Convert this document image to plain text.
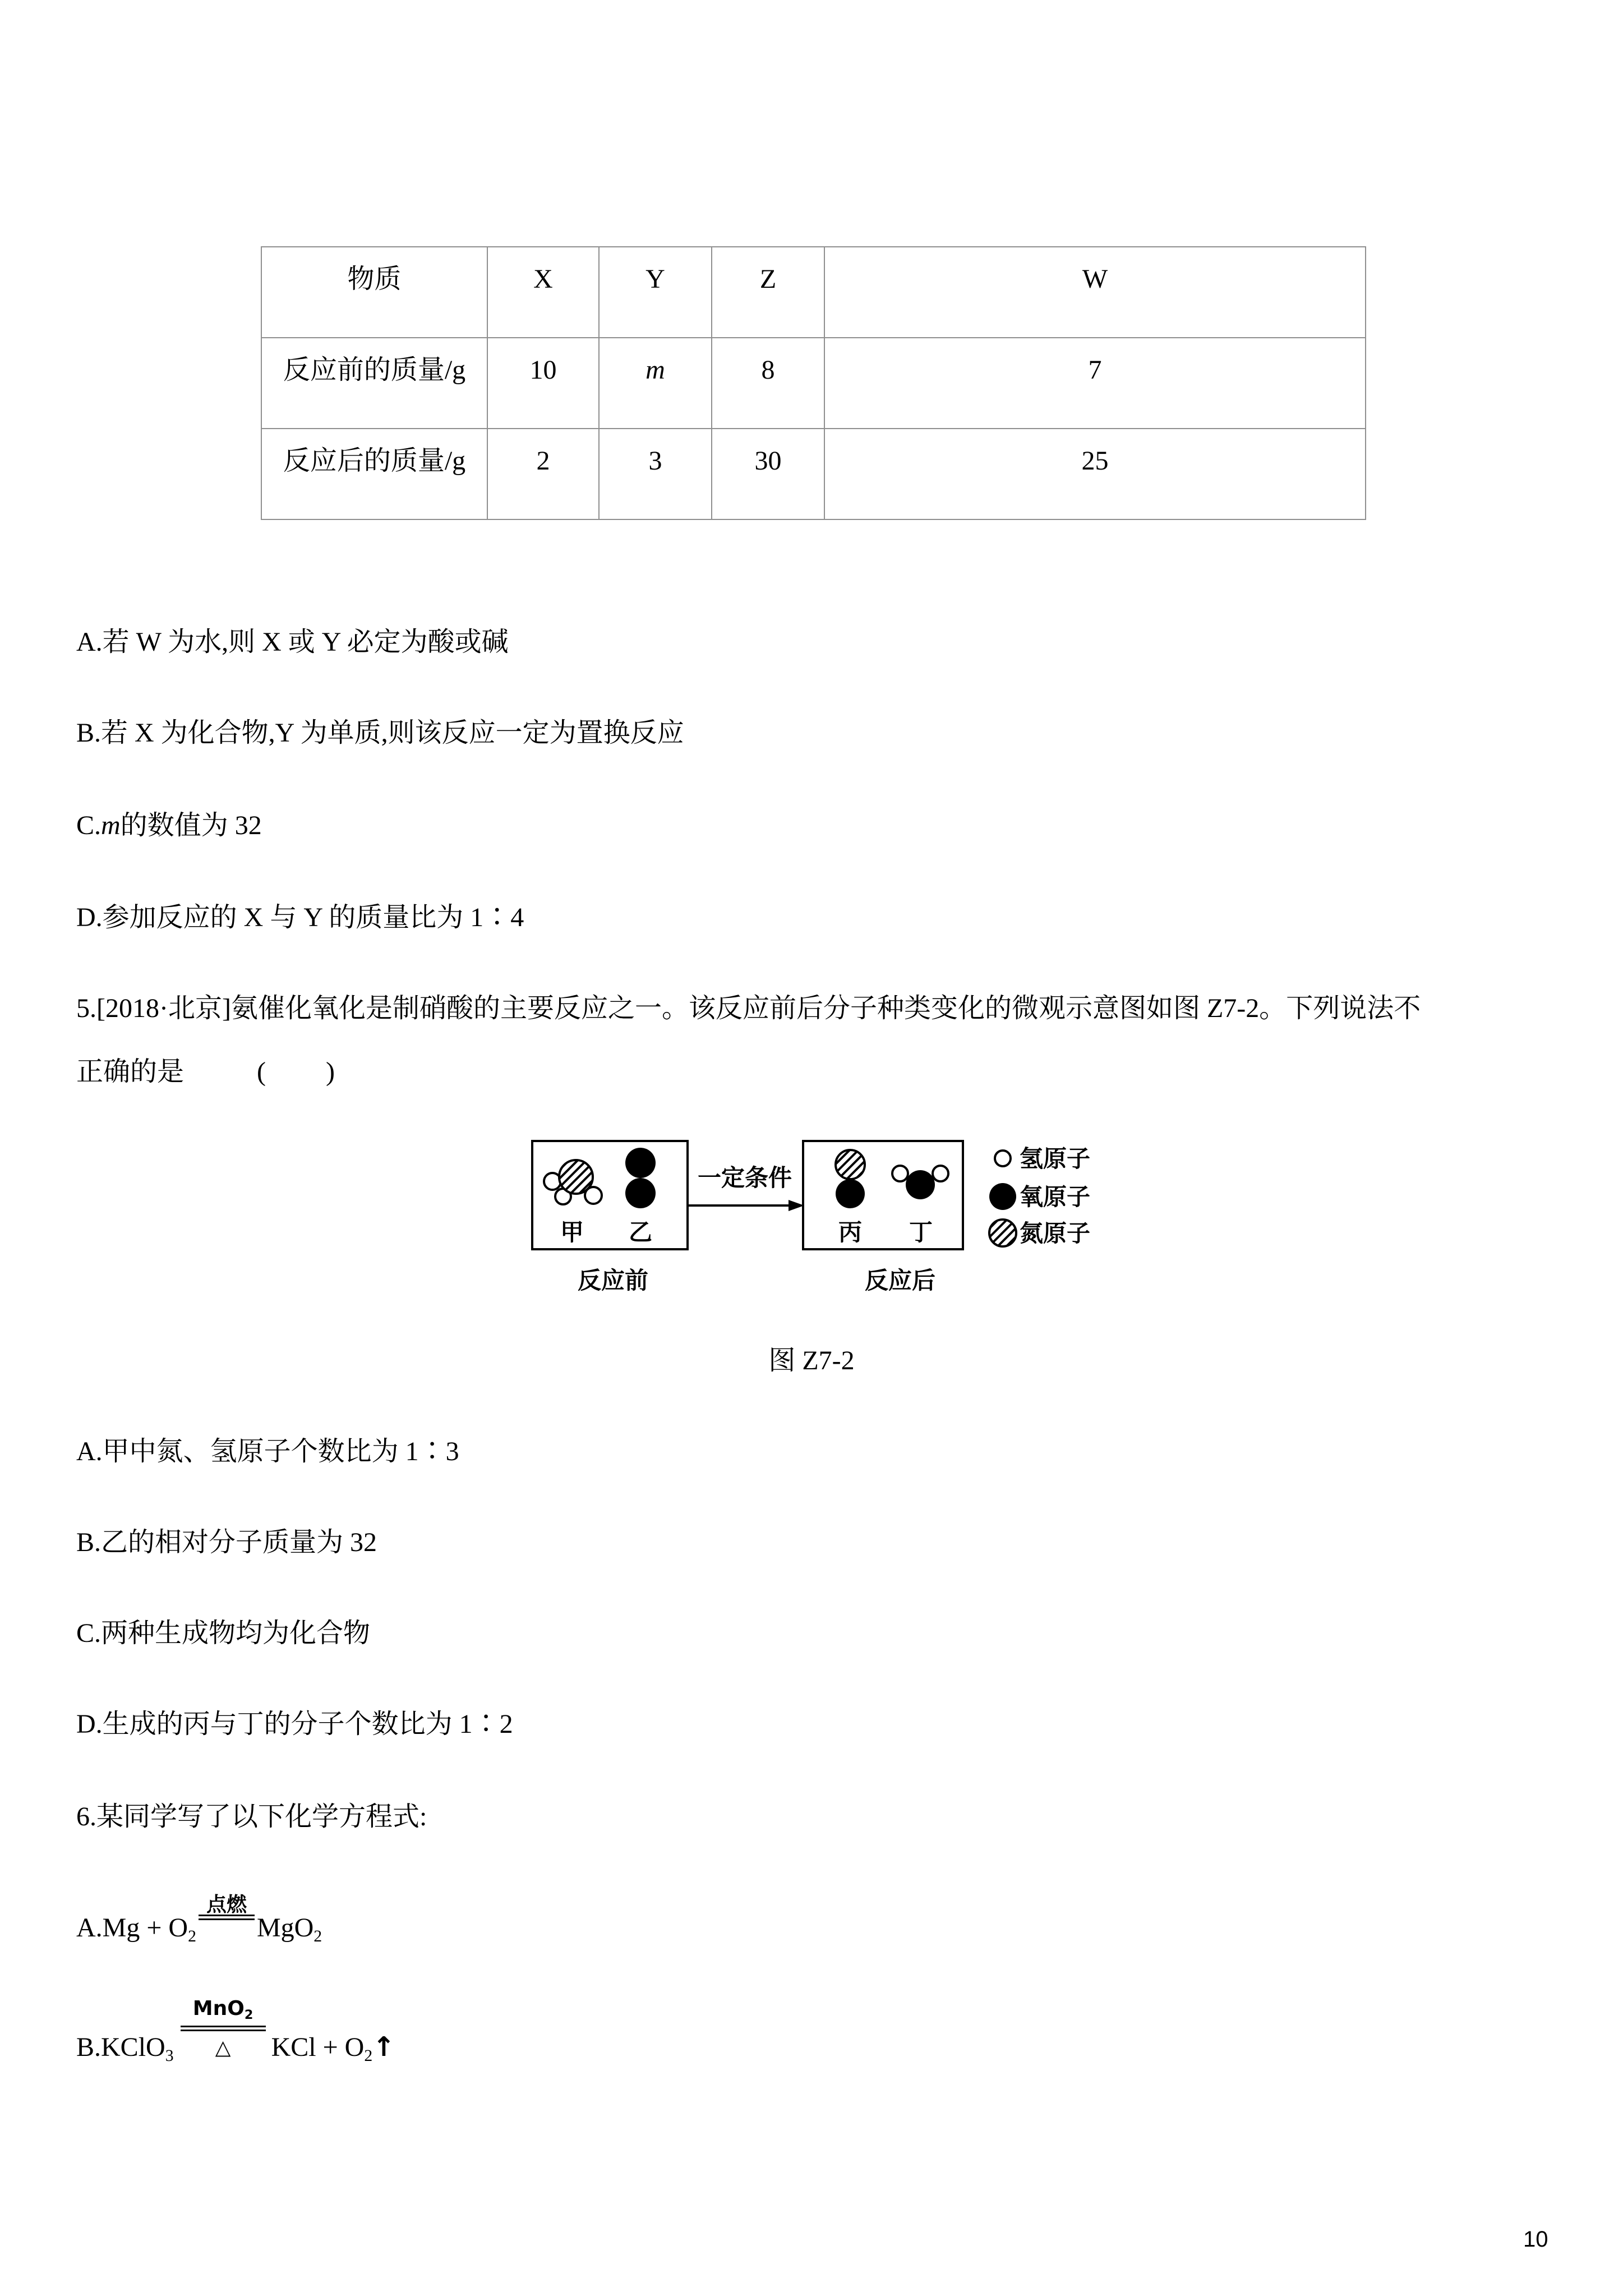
物质	X	Y	Z	W
反应前的质量/g	10	m	8	7
反应后的质量/g	2	3	30	25
A.若 W 为水,则 X 或 Y 必定为酸或碱
B.若 X 为化合物,Y 为单质,则该反应一定为置换反应
C.m的数值为 32
D.参加反应的 X 与 Y 的质量比为 1∶4
5.[2018·北京]氨催化氧化是制硝酸的主要反应之一。该反应前后分子种类变化的微观示意图如图 Z7-2。下列说法不
正确的是	(      )
一定条件
甲 乙	丙 丁
反应前	反应后
氢原子
氧原子
氮原子
图 Z7-2
A.甲中氮、氢原子个数比为 1∶3
B.乙的相对分子质量为 32
C.两种生成物均为化合物
D.生成的丙与丁的分子个数比为 1∶2
6.某同学写了以下化学方程式:
A.Mg + O2
点燃
MgO2
B.KClO3
MnO2
△	KCl + O2↑
10
